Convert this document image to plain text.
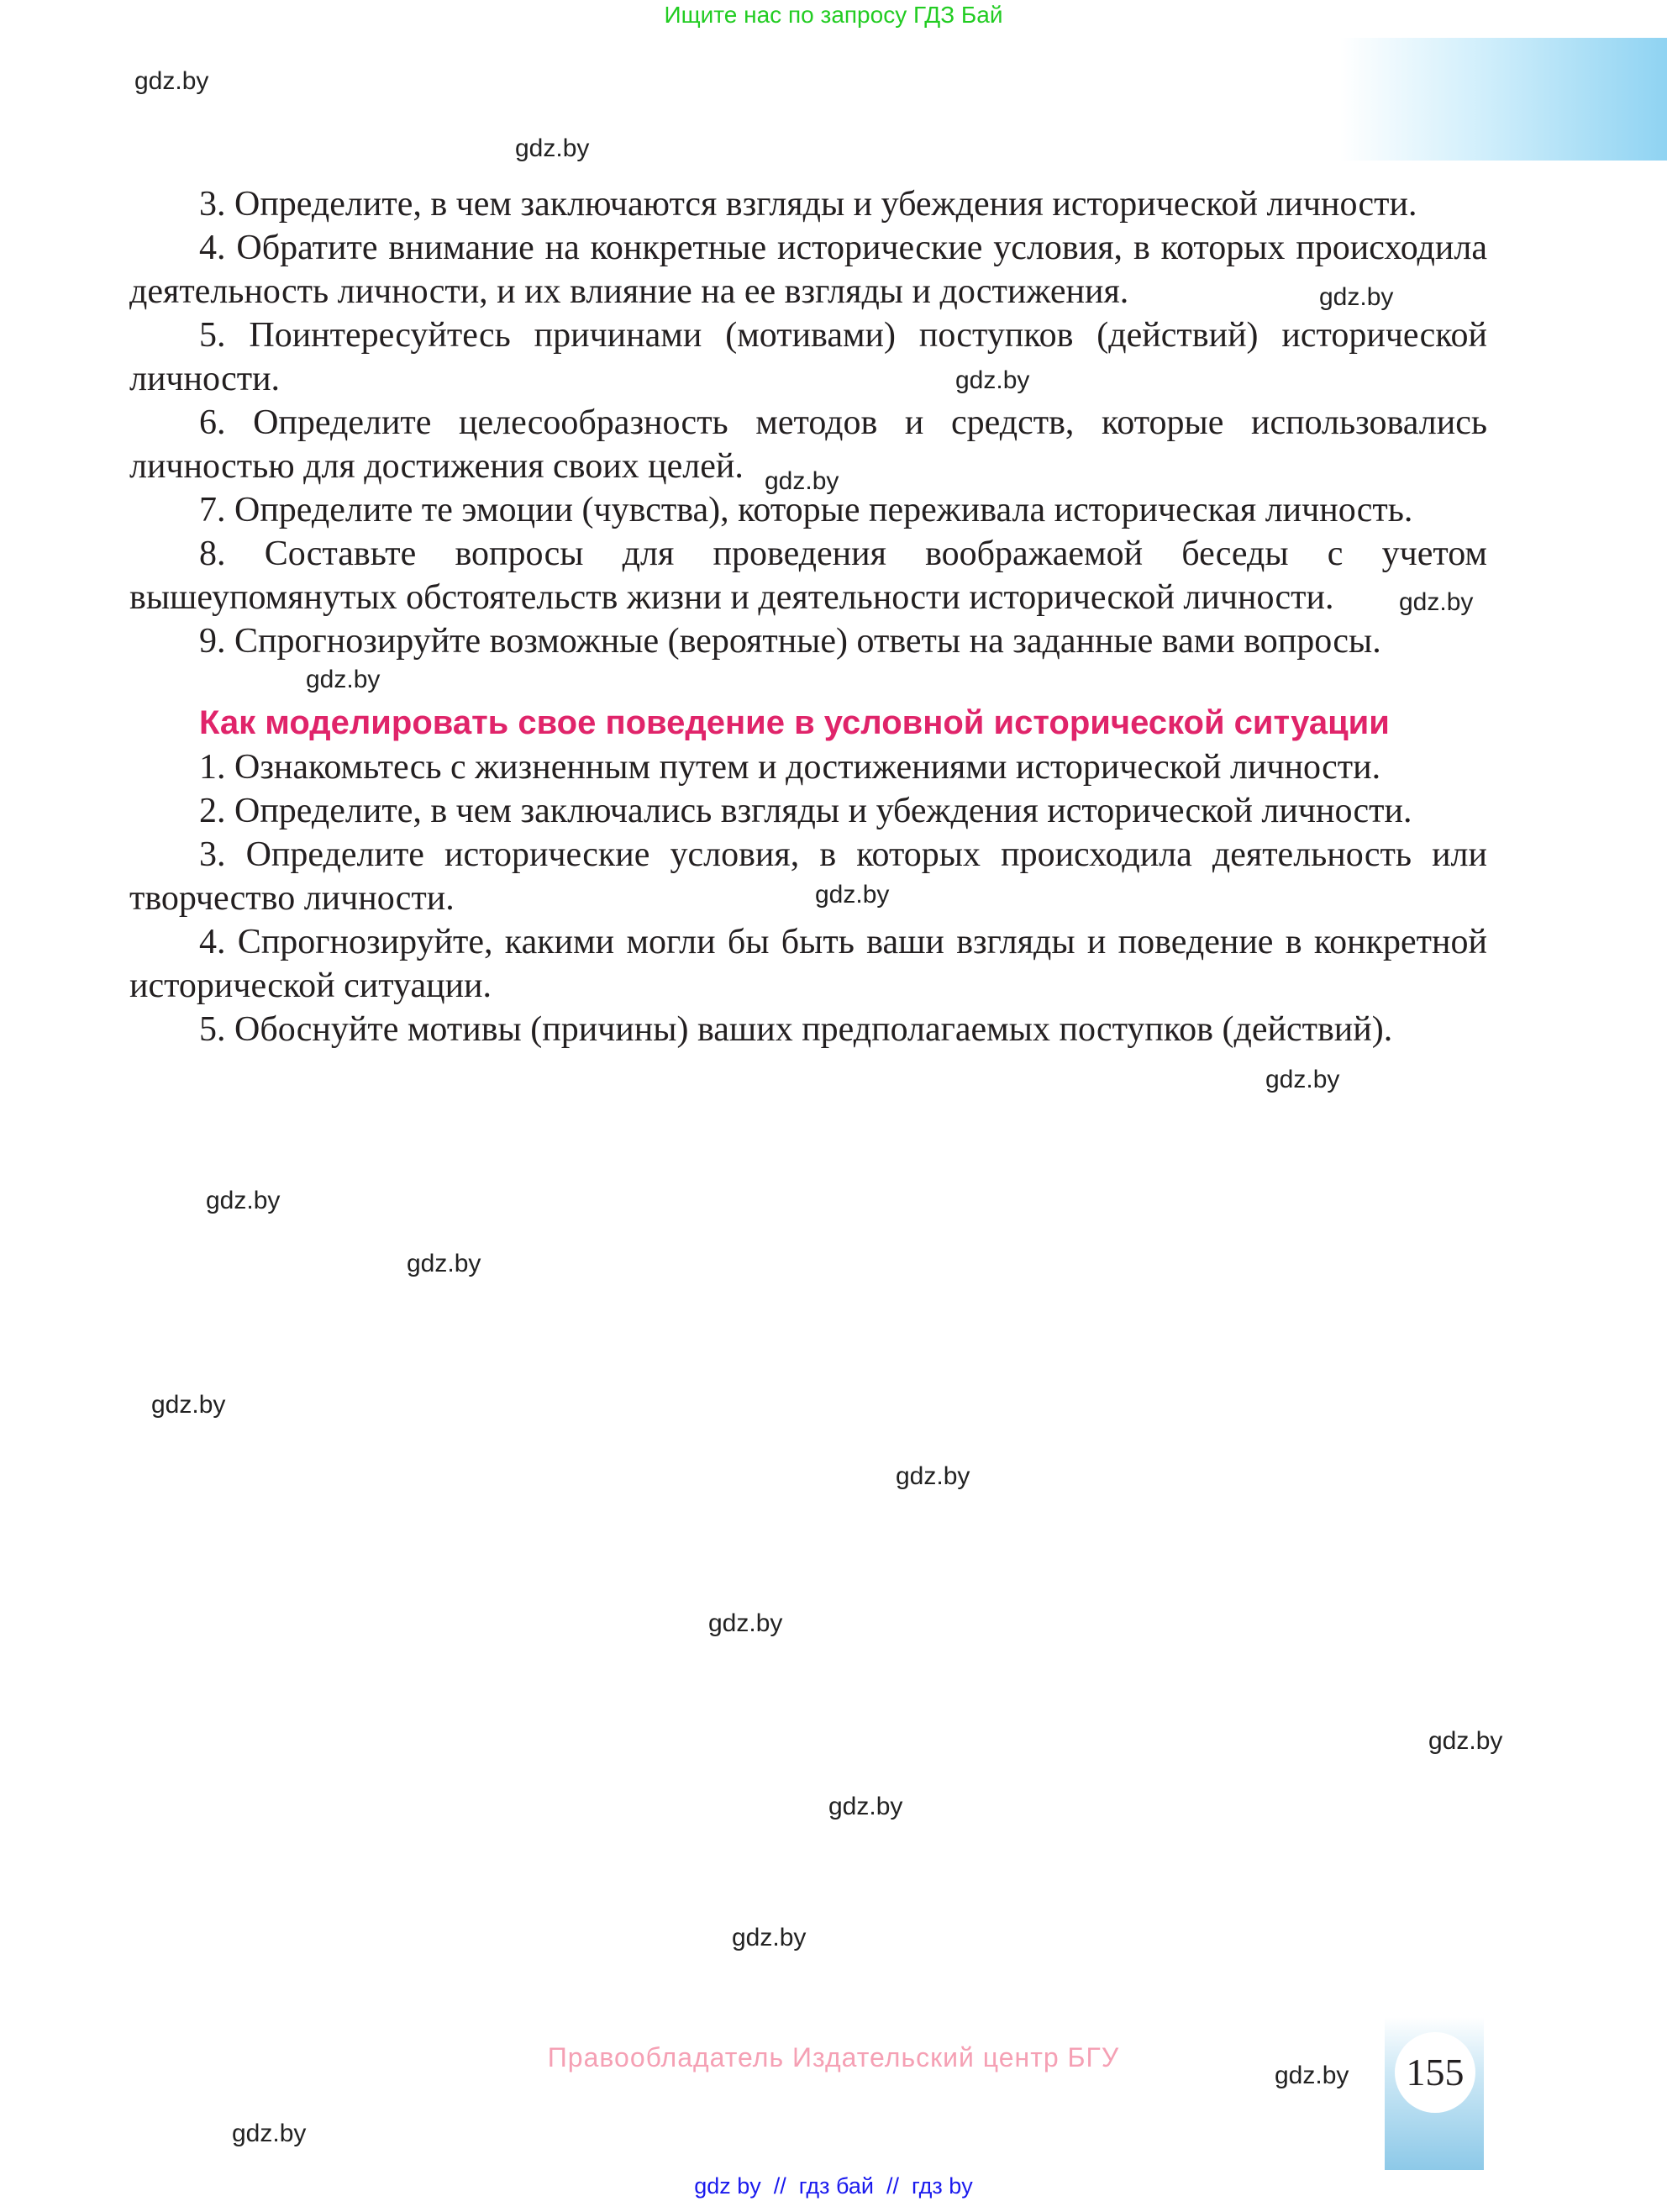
Ищите нас по запросу ГДЗ Бай
gdz.by
gdz.by
gdz.by
gdz.by
gdz.by
gdz.by
gdz.by
gdz.by
gdz.by
gdz.by
gdz.by
gdz.by
gdz.by
gdz.by
gdz.by
gdz.by
gdz.by
gdz.by
gdz.by

3. Определите, в чем заключаются взгляды и убеждения исторической личности.

4. Обратите внимание на конкретные исторические условия, в которых происходила деятельность личности, и их влияние на ее взгляды и достижения.

5. Поинтересуйтесь причинами (мотивами) поступков (действий) исторической личности.

6. Определите целесообразность методов и средств, которые использовались личностью для достижения своих целей.

7. Определите те эмоции (чувства), которые переживала историческая личность.

8. Составьте вопросы для проведения воображаемой беседы с учетом вышеупомянутых обстоятельств жизни и деятельности исторической личности.

9. Спрогнозируйте возможные (вероятные) ответы на заданные вами вопросы.

Как моделировать свое поведение в условной исторической ситуации

1. Ознакомьтесь с жизненным путем и достижениями исторической личности.

2. Определите, в чем заключались взгляды и убеждения исторической личности.

3. Определите исторические условия, в которых происходила деятельность или творчество личности.

4. Спрогнозируйте, какими могли бы быть ваши взгляды и поведение в конкретной исторической ситуации.

5. Обоснуйте мотивы (причины) ваших предполагаемых поступков (действий).

Правообладатель Издательский центр БГУ	155
gdz by  //  гдз бай  //  гдз by
